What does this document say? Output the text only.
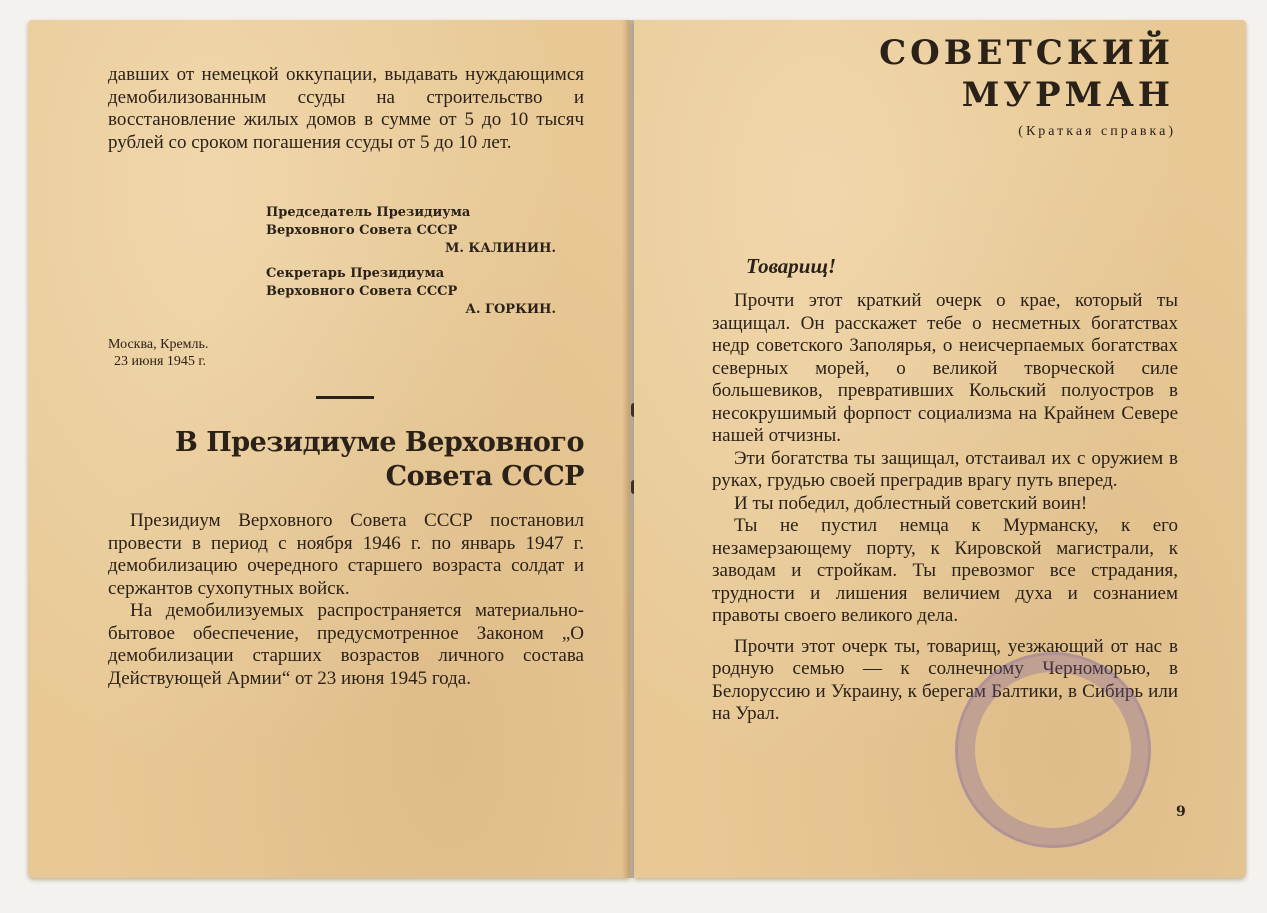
давших от немецкой оккупации, выдавать нуждающимся демобилизованным ссуды на строительство и восстановление жилых домов в сумме от 5 до 10 тысяч рублей со сроком погашения ссуды от 5 до 10 лет.

Председатель Президиума
Верховного Совета СССР
М. КАЛИНИН.
Секретарь Президиума
Верховного Совета СССР
А. ГОРКИН.
Москва, Кремль.
23 июня 1945 г.
В Президиуме Верховного
Совета СССР

Президиум Верховного Совета СССР постановил провести в период с ноября 1946 г. по январь 1947 г. демобилизацию очередного старшего возраста солдат и сержантов сухопутных войск.

На демобилизуемых распространяется материально-бытовое обеспечение, предусмотренное Законом „О демобилизации старших возрастов личного состава Действующей Армии“ от 23 июня 1945 года.

СОВЕТСКИЙ
МУРМАН
(Краткая справка)
Товарищ!

Прочти этот краткий очерк о крае, который ты защищал. Он расскажет тебе о несметных богатствах недр советского Заполярья, о неисчерпаемых богатствах северных морей, о великой творческой силе большевиков, превративших Кольский полуостров в несокрушимый форпост социализма на Крайнем Севере нашей отчизны.

Эти богатства ты защищал, отстаивал их с оружием в руках, грудью своей преградив врагу путь вперед.

И ты победил, доблестный советский воин!

Ты не пустил немца к Мурманску, к его незамерзающему порту, к Кировской магистрали, к заводам и стройкам. Ты превозмог все страдания, трудности и лишения величием духа и сознанием правоты своего великого дела.

Прочти этот очерк ты, товарищ, уезжающий от нас в родную семью — к солнечному Черноморью, в Белоруссию и Украину, к берегам Балтики, в Сибирь или на Урал.

9
